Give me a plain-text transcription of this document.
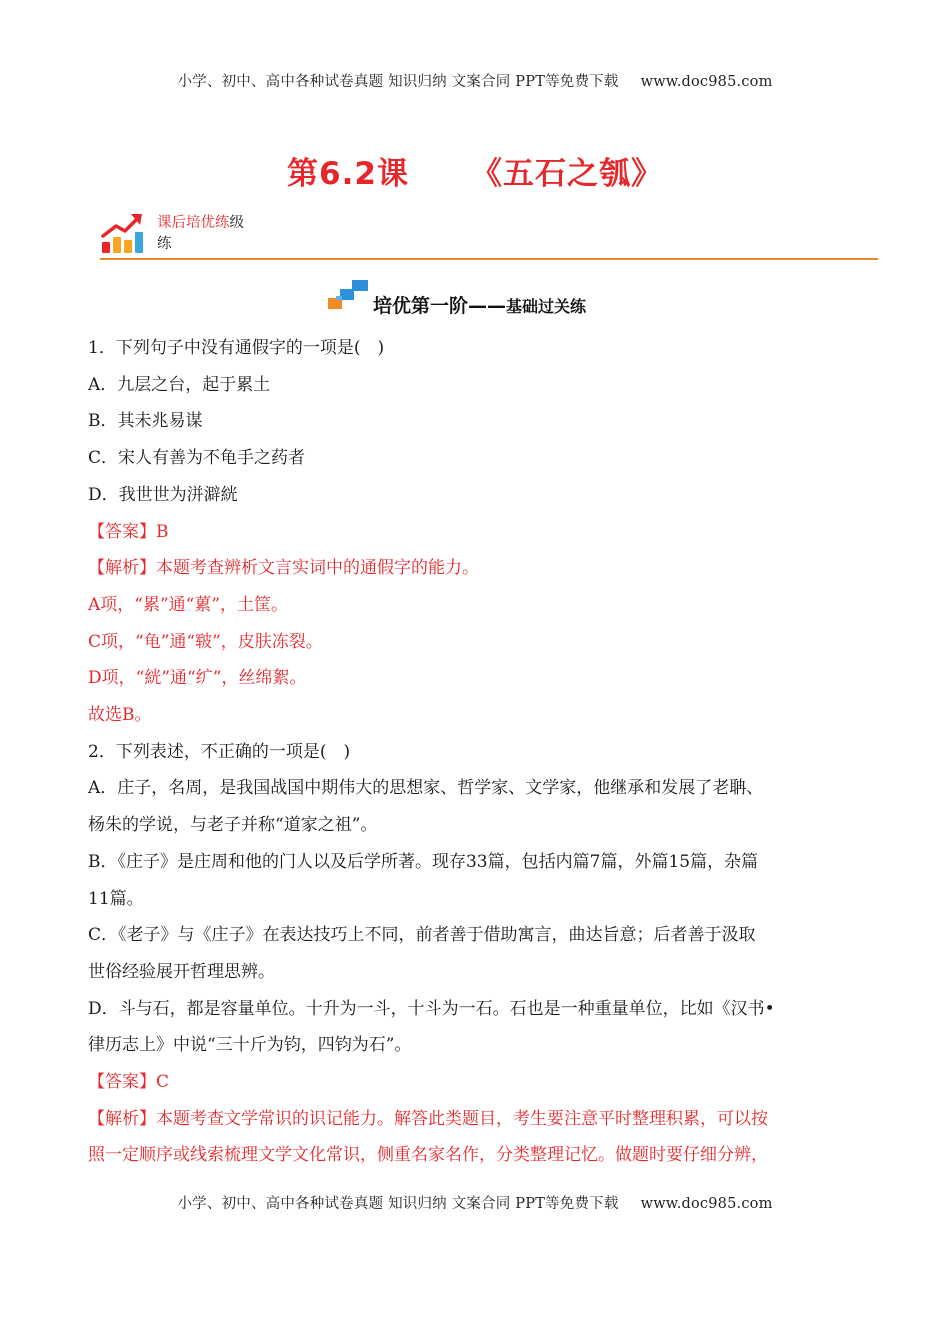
小学、初中、高中各种试卷真题 知识归纳 文案合同 PPT等免费下载 www.doc985.com
第6.2课 《五石之瓠》
课后培优练级
练
培优第一阶——基础过关练
1．下列句子中没有通假字的一项是(　)
A．九层之台，起于累土
B．其未兆易谋
C．宋人有善为不龟手之药者
D．我世世为洴澼絖
【答案】B
【解析】本题考查辨析文言实词中的通假字的能力。
A项，“累”通“蔂”，土筐。
C项，“龟”通“皲”，皮肤冻裂。
D项，“絖”通“纩”，丝绵絮。
故选B。
2．下列表述，不正确的一项是(　)
A．庄子，名周，是我国战国中期伟大的思想家、哲学家、文学家，他继承和发展了老聃、
杨朱的学说，与老子并称“道家之祖”。
B．《庄子》是庄周和他的门人以及后学所著。现存33篇，包括内篇7篇，外篇15篇，杂篇
11篇。
C．《老子》与《庄子》在表达技巧上不同，前者善于借助寓言，曲达旨意；后者善于汲取
世俗经验展开哲理思辨。
D．斗与石，都是容量单位。十升为一斗，十斗为一石。石也是一种重量单位，比如《汉书•
律历志上》中说“三十斤为钧，四钧为石”。
【答案】C
【解析】本题考查文学常识的识记能力。解答此类题目，考生要注意平时整理积累，可以按
照一定顺序或线索梳理文学文化常识，侧重名家名作，分类整理记忆。做题时要仔细分辨，
小学、初中、高中各种试卷真题 知识归纳 文案合同 PPT等免费下载 www.doc985.com
